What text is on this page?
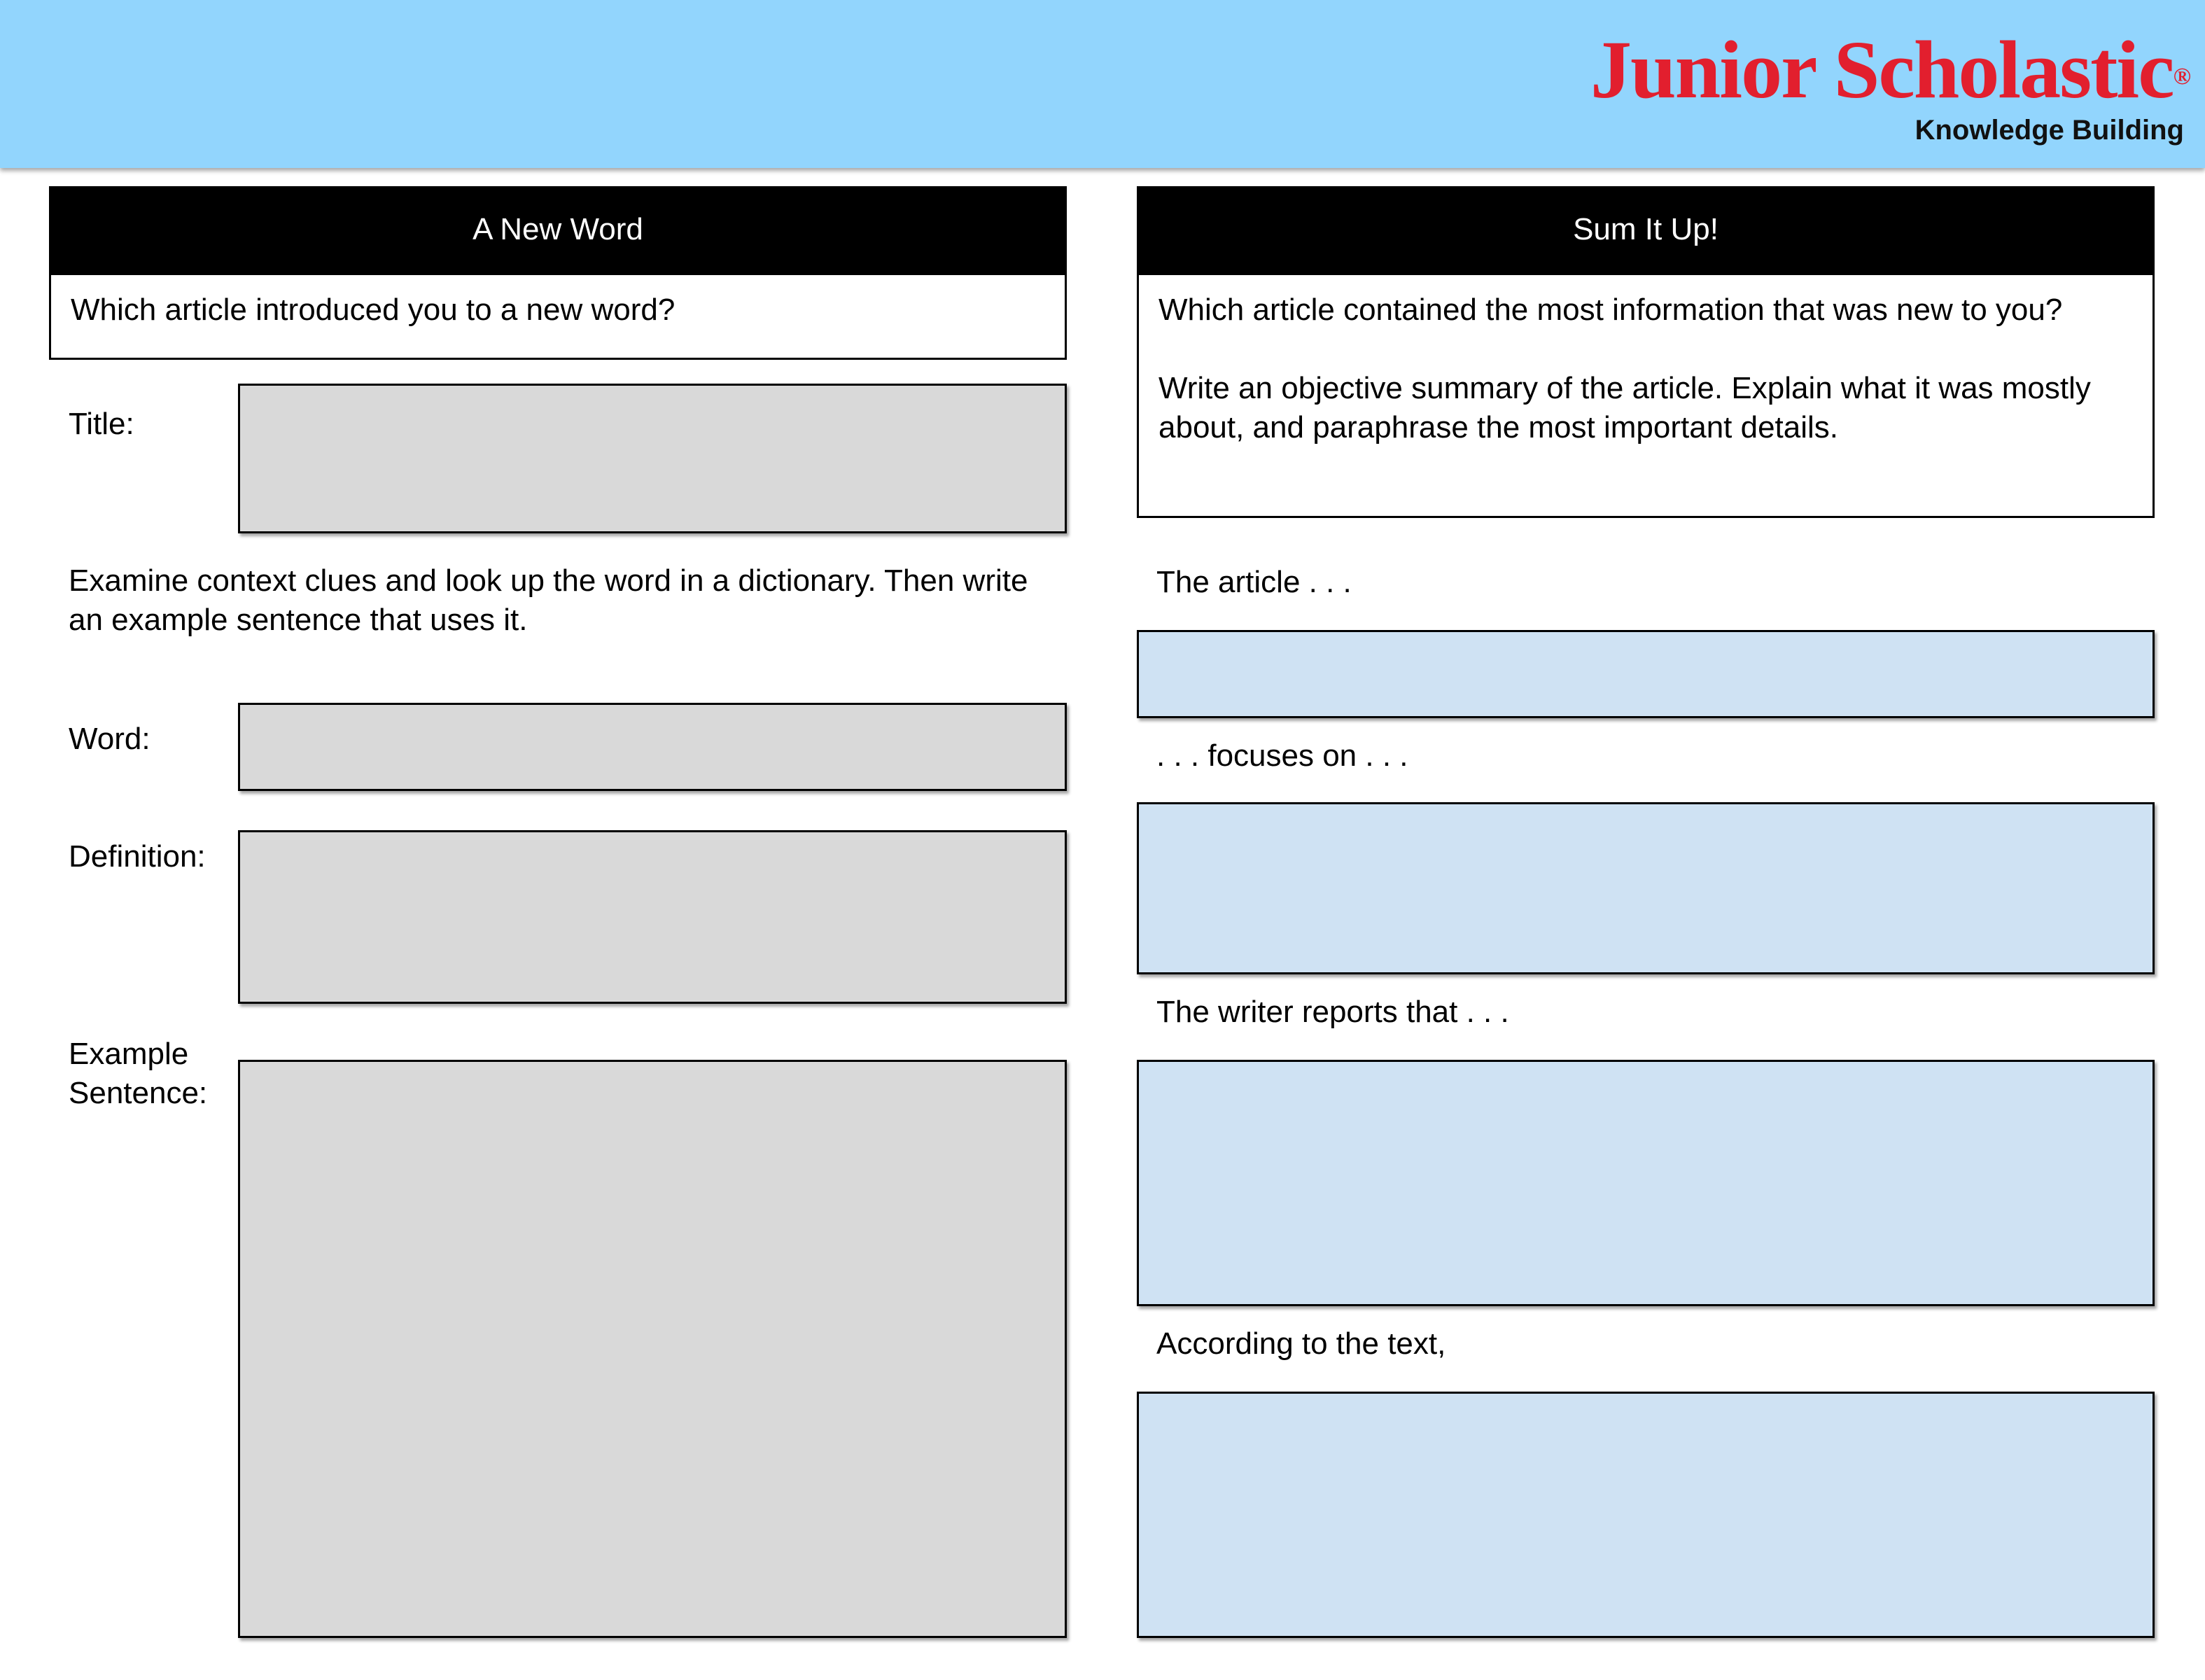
Junior Scholastic®
Knowledge Building
A New Word
Which article introduced you to a new word?
Title:
Examine context clues and look up the word in a dictionary. Then write an example sentence that uses it.
Word:
Definition:
Example Sentence:
Sum It Up!
Which article contained the most information that was new to you?
Write an objective summary of the article. Explain what it was mostly about, and paraphrase the most important details.
The article . . .
. . . focuses on . . .
The writer reports that . . .
According to the text,
